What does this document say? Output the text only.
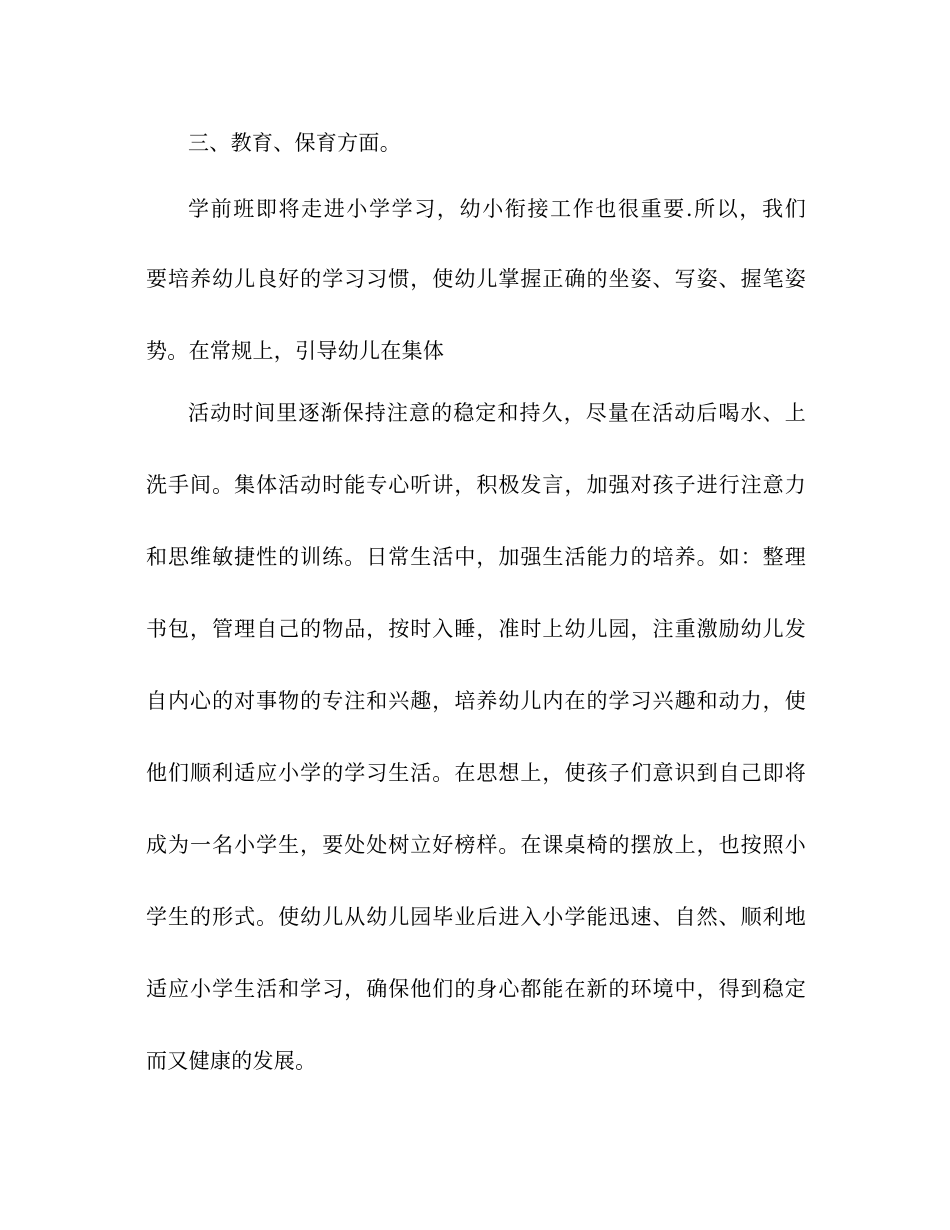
三、教育、保育方面。
学前班即将走进小学学习，幼小衔接工作也很重要.所以，我们
要培养幼儿良好的学习习惯，使幼儿掌握正确的坐姿、写姿、握笔姿
势。在常规上，引导幼儿在集体
活动时间里逐渐保持注意的稳定和持久，尽量在活动后喝水、上
洗手间。集体活动时能专心听讲，积极发言，加强对孩子进行注意力
和思维敏捷性的训练。日常生活中，加强生活能力的培养。如：整理
书包，管理自己的物品，按时入睡，准时上幼儿园，注重激励幼儿发
自内心的对事物的专注和兴趣，培养幼儿内在的学习兴趣和动力，使
他们顺利适应小学的学习生活。在思想上，使孩子们意识到自己即将
成为一名小学生，要处处树立好榜样。在课桌椅的摆放上，也按照小
学生的形式。使幼儿从幼儿园毕业后进入小学能迅速、自然、顺利地
适应小学生活和学习，确保他们的身心都能在新的环境中，得到稳定
而又健康的发展。
